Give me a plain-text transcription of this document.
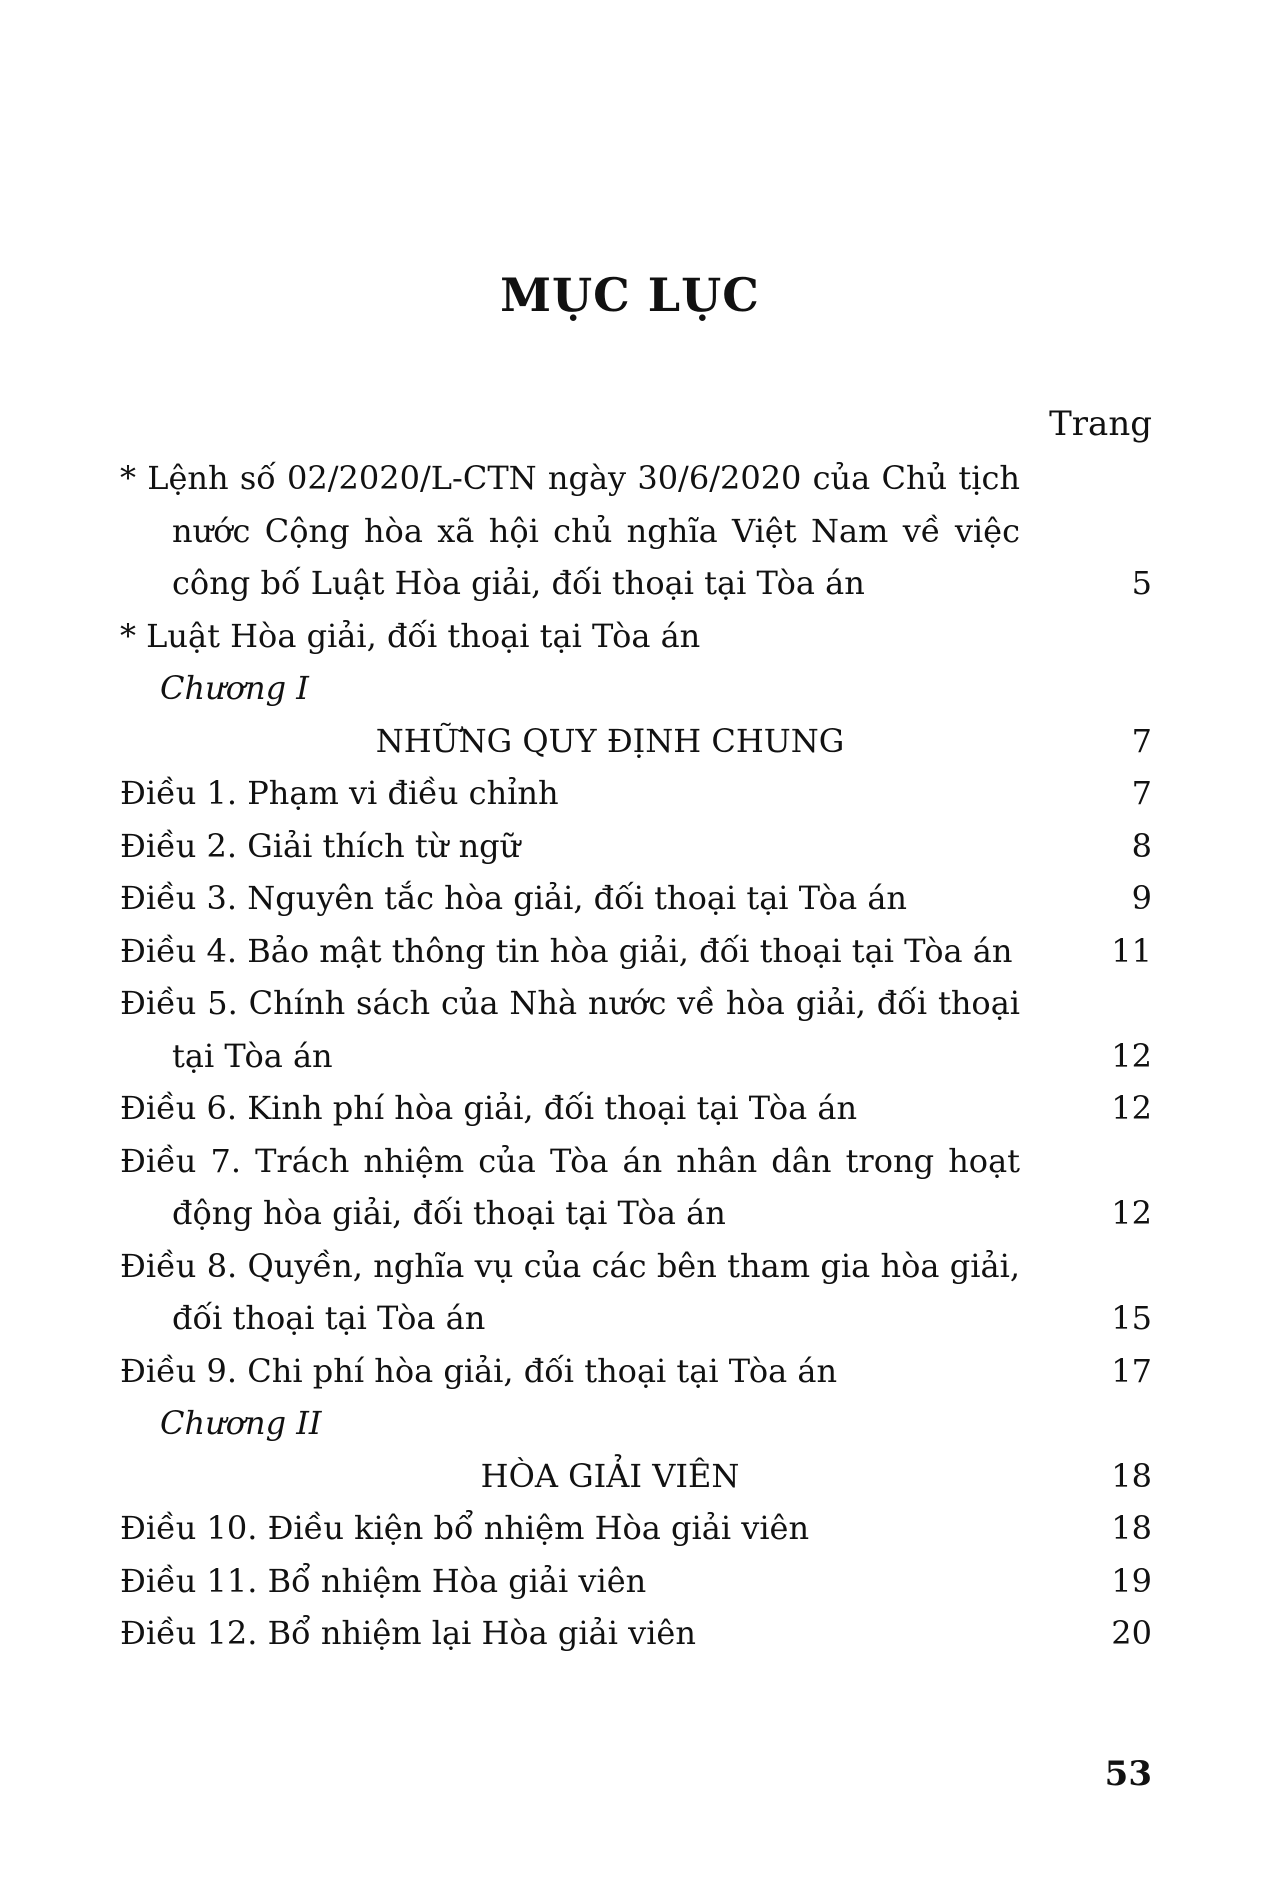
MỤC LỤC
Trang
* Lệnh số 02/2020/L-CTN ngày 30/6/2020 của Chủ tịch nước Cộng hòa xã hội chủ nghĩa Việt Nam về việc công bố Luật Hòa giải, đối thoại tại Tòa án	5
* Luật Hòa giải, đối thoại tại Tòa án
Chương I
NHỮNG QUY ĐỊNH CHUNG	7
Điều 1. Phạm vi điều chỉnh	7
Điều 2. Giải thích từ ngữ	8
Điều 3. Nguyên tắc hòa giải, đối thoại tại Tòa án	9
Điều 4. Bảo mật thông tin hòa giải, đối thoại tại Tòa án	11
Điều 5. Chính sách của Nhà nước về hòa giải, đối thoại tại Tòa án	12
Điều 6. Kinh phí hòa giải, đối thoại tại Tòa án	12
Điều 7. Trách nhiệm của Tòa án nhân dân trong hoạt động hòa giải, đối thoại tại Tòa án	12
Điều 8. Quyền, nghĩa vụ của các bên tham gia hòa giải, đối thoại tại Tòa án	15
Điều 9. Chi phí hòa giải, đối thoại tại Tòa án	17
Chương II
HÒA GIẢI VIÊN	18
Điều 10. Điều kiện bổ nhiệm Hòa giải viên	18
Điều 11. Bổ nhiệm Hòa giải viên	19
Điều 12. Bổ nhiệm lại Hòa giải viên	20
53
